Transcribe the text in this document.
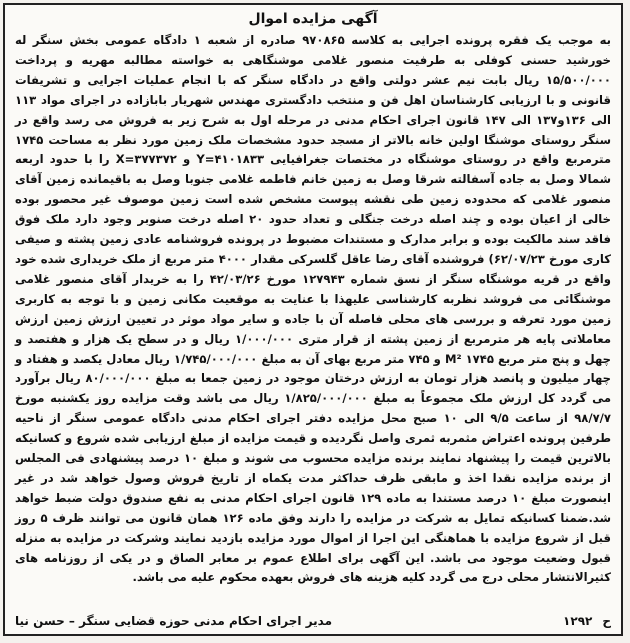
آگهی مزایده اموال

به موجب یک فقره پرونده اجرایی به کلاسه ۹۷۰۸۶۵ صادره از شعبه ۱ دادگاه عمومی بخش سنگر له خورشید حسنی کوفلی به طرفیت منصور غلامی موشنگاهی به خواسته مطالبه مهریه و پرداخت ۱۵/۵۰۰/۰۰۰ ریال بابت نیم عشر دولتی واقع در دادگاه سنگر که با انجام عملیات اجرایی و تشریفات قانونی و با ارزیابی کارشناسان اهل فن و منتخب دادگستری مهندس شهریار بابازاده در اجرای مواد ۱۱۳ الی ۱۳۶و۱۳۷ الی ۱۴۷ قانون اجرای احکام مدنی در مرحله اول به شرح زیر به فروش می رسد واقع در سنگر روستای موشنگا اولین خانه بالاتر از مسجد حدود مشخصات ملک زمین مورد نظر به مساحت ۱۷۴۵ مترمربع واقع در روستای موشنگاه در مختصات جغرافیایی Y=۴۱۰۱۸۳۳ و X=۳۷۷۳۷۲ را با حدود اربعه شمالا وصل به جاده آسفالته شرقا وصل به زمین خانم فاطمه غلامی جنوبا وصل به باقیمانده زمین آقای منصور غلامی که محدوده زمین طی نقشه پیوست مشخص شده است زمین موصوف غیر محصور بوده خالی از اعیان بوده و چند اصله درخت جنگلی و تعداد حدود ۲۰ اصله درخت صنوبر وجود دارد ملک فوق فاقد سند مالکیت بوده و برابر مدارک و مستندات مضبوط در پرونده فروشنامه عادی زمین پشته و صیفی کاری مورخ ۶۲/۰۷/۲۳) فروشنده آقای رضا عاقل گلسرکی مقدار ۴۰۰۰ متر مربع از ملک خریداری شده خود واقع در قریه موشنگاه سنگر از نسق شماره ۱۲۷۹۴۳ مورخ ۴۲/۰۳/۲۶ را به خریدار آقای منصور غلامی موشنگائی می فروشد نظربه کارشناسی علیهذا با عنایت به موقعیت مکانی زمین و با توجه به کاربری زمین مورد تعرفه و بررسی های محلی فاصله آن با جاده و سایر مواد موثر در تعیین ارزش زمین ارزش معاملاتی پایه هر مترمربع از زمین پشته از قرار متری ۱/۰۰۰/۰۰۰ ریال و در سطح یک هزار و هفتصد و چهل و پنج متر مربع M² ۱۷۴۵ و ۷۴۵ متر مربع بهای آن به مبلغ ۱/۷۴۵/۰۰۰/۰۰۰ ریال معادل یکصد و هفتاد و چهار میلیون و پانصد هزار تومان به ارزش درختان موجود در زمین جمعا به مبلغ ۸۰/۰۰۰/۰۰۰ ریال برآورد می گردد کل ارزش ملک مجموعاً به مبلغ ۱/۸۲۵/۰۰۰/۰۰۰ ریال می باشد وقت مزایده روز یکشنبه مورخ ۹۸/۷/۷ از ساعت ۹/۵ الی ۱۰ صبح محل مزایده دفتر اجرای احکام مدنی دادگاه عمومی سنگر از ناحیه طرفین پرونده اعتراض مثمربه ثمری واصل نگردیده و قیمت مزایده از مبلغ ارزیابی شده شروع و کسانیکه بالاترین قیمت را پیشنهاد نمایند برنده مزایده محسوب می شوند و مبلغ ۱۰ درصد پیشنهادی فی المجلس از برنده مزایده نقدا اخذ و مابقی ظرف حداکثر مدت یکماه از تاریخ فروش وصول خواهد شد در غیر اینصورت مبلغ ۱۰ درصد مستندا به ماده ۱۲۹ قانون اجرای احکام مدنی به نفع صندوق دولت ضبط خواهد شد.ضمنا کسانیکه تمایل به شرکت در مزایده را دارند وفق ماده ۱۲۶ همان قانون می توانند ظرف ۵ روز قبل از شروع مزایده با هماهنگی این اجرا از اموال مورد مزایده بازدید نمایند وشرکت در مزایده به منزله قبول وضعیت موجود می باشد. این آگهی برای اطلاع عموم بر معابر الصاق و در یکی از روزنامه های کثیرالانتشار محلی درج می گردد کلیه هزینه های فروش بعهده محکوم علیه می باشد.

ح
۱۲۹۲
مدیر اجرای احکام مدنی حوزه قضایی سنگر – حسن نیا
